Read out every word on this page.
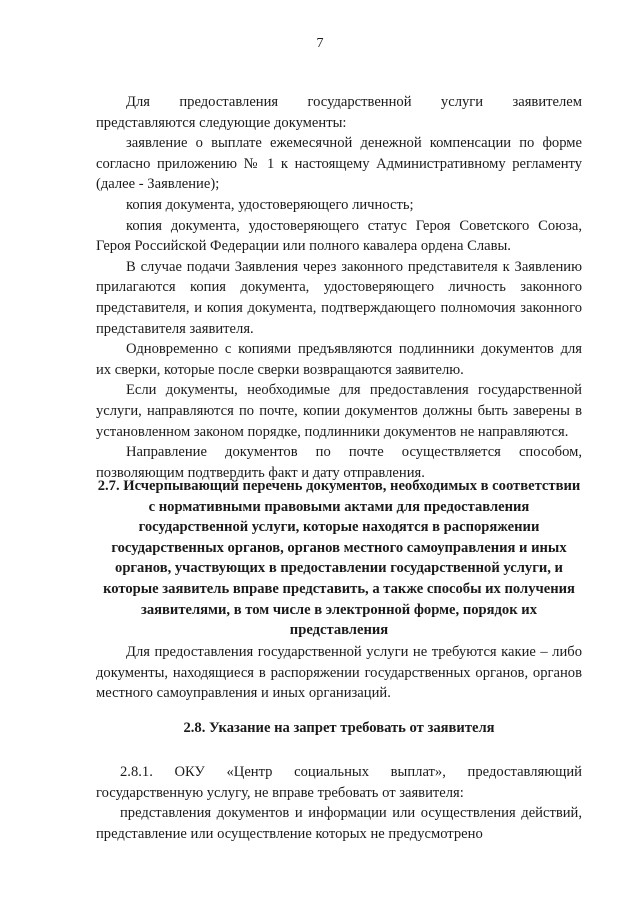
7

Для предоставления государственной услуги заявителем представляются следующие документы:

заявление о выплате ежемесячной денежной компенсации по форме согласно приложению № 1 к настоящему Административному регламенту (далее - Заявление);

копия документа, удостоверяющего личность;

копия документа, удостоверяющего статус Героя Советского Союза, Героя Российской Федерации или полного кавалера ордена Славы.

В случае подачи Заявления через законного представителя к Заявлению прилагаются копия документа, удостоверяющего личность законного представителя, и копия документа, подтверждающего полномочия законного представителя заявителя.

Одновременно с копиями предъявляются подлинники документов для их сверки, которые после сверки возвращаются заявителю.

Если документы, необходимые для предоставления государственной услуги, направляются по почте, копии документов должны быть заверены в установленном законом порядке, подлинники документов не направляются.

Направление документов по почте осуществляется способом, позволяющим подтвердить факт и дату отправления.

2.7. Исчерпывающий перечень документов, необходимых в соответствии с нормативными правовыми актами для предоставления государственной услуги, которые находятся в распоряжении государственных органов, органов местного самоуправления и иных органов, участвующих в предоставлении государственной услуги, и которые заявитель вправе представить, а также способы их получения заявителями, в том числе в электронной форме, порядок их представления

Для предоставления государственной услуги не требуются какие – либо документы, находящиеся в распоряжении государственных органов, органов местного самоуправления и иных организаций.

2.8. Указание на запрет требовать от заявителя

2.8.1. ОКУ «Центр социальных выплат», предоставляющий государственную услугу, не вправе требовать от заявителя:

представления документов и информации или осуществления действий, представление или осуществление которых не предусмотрено
